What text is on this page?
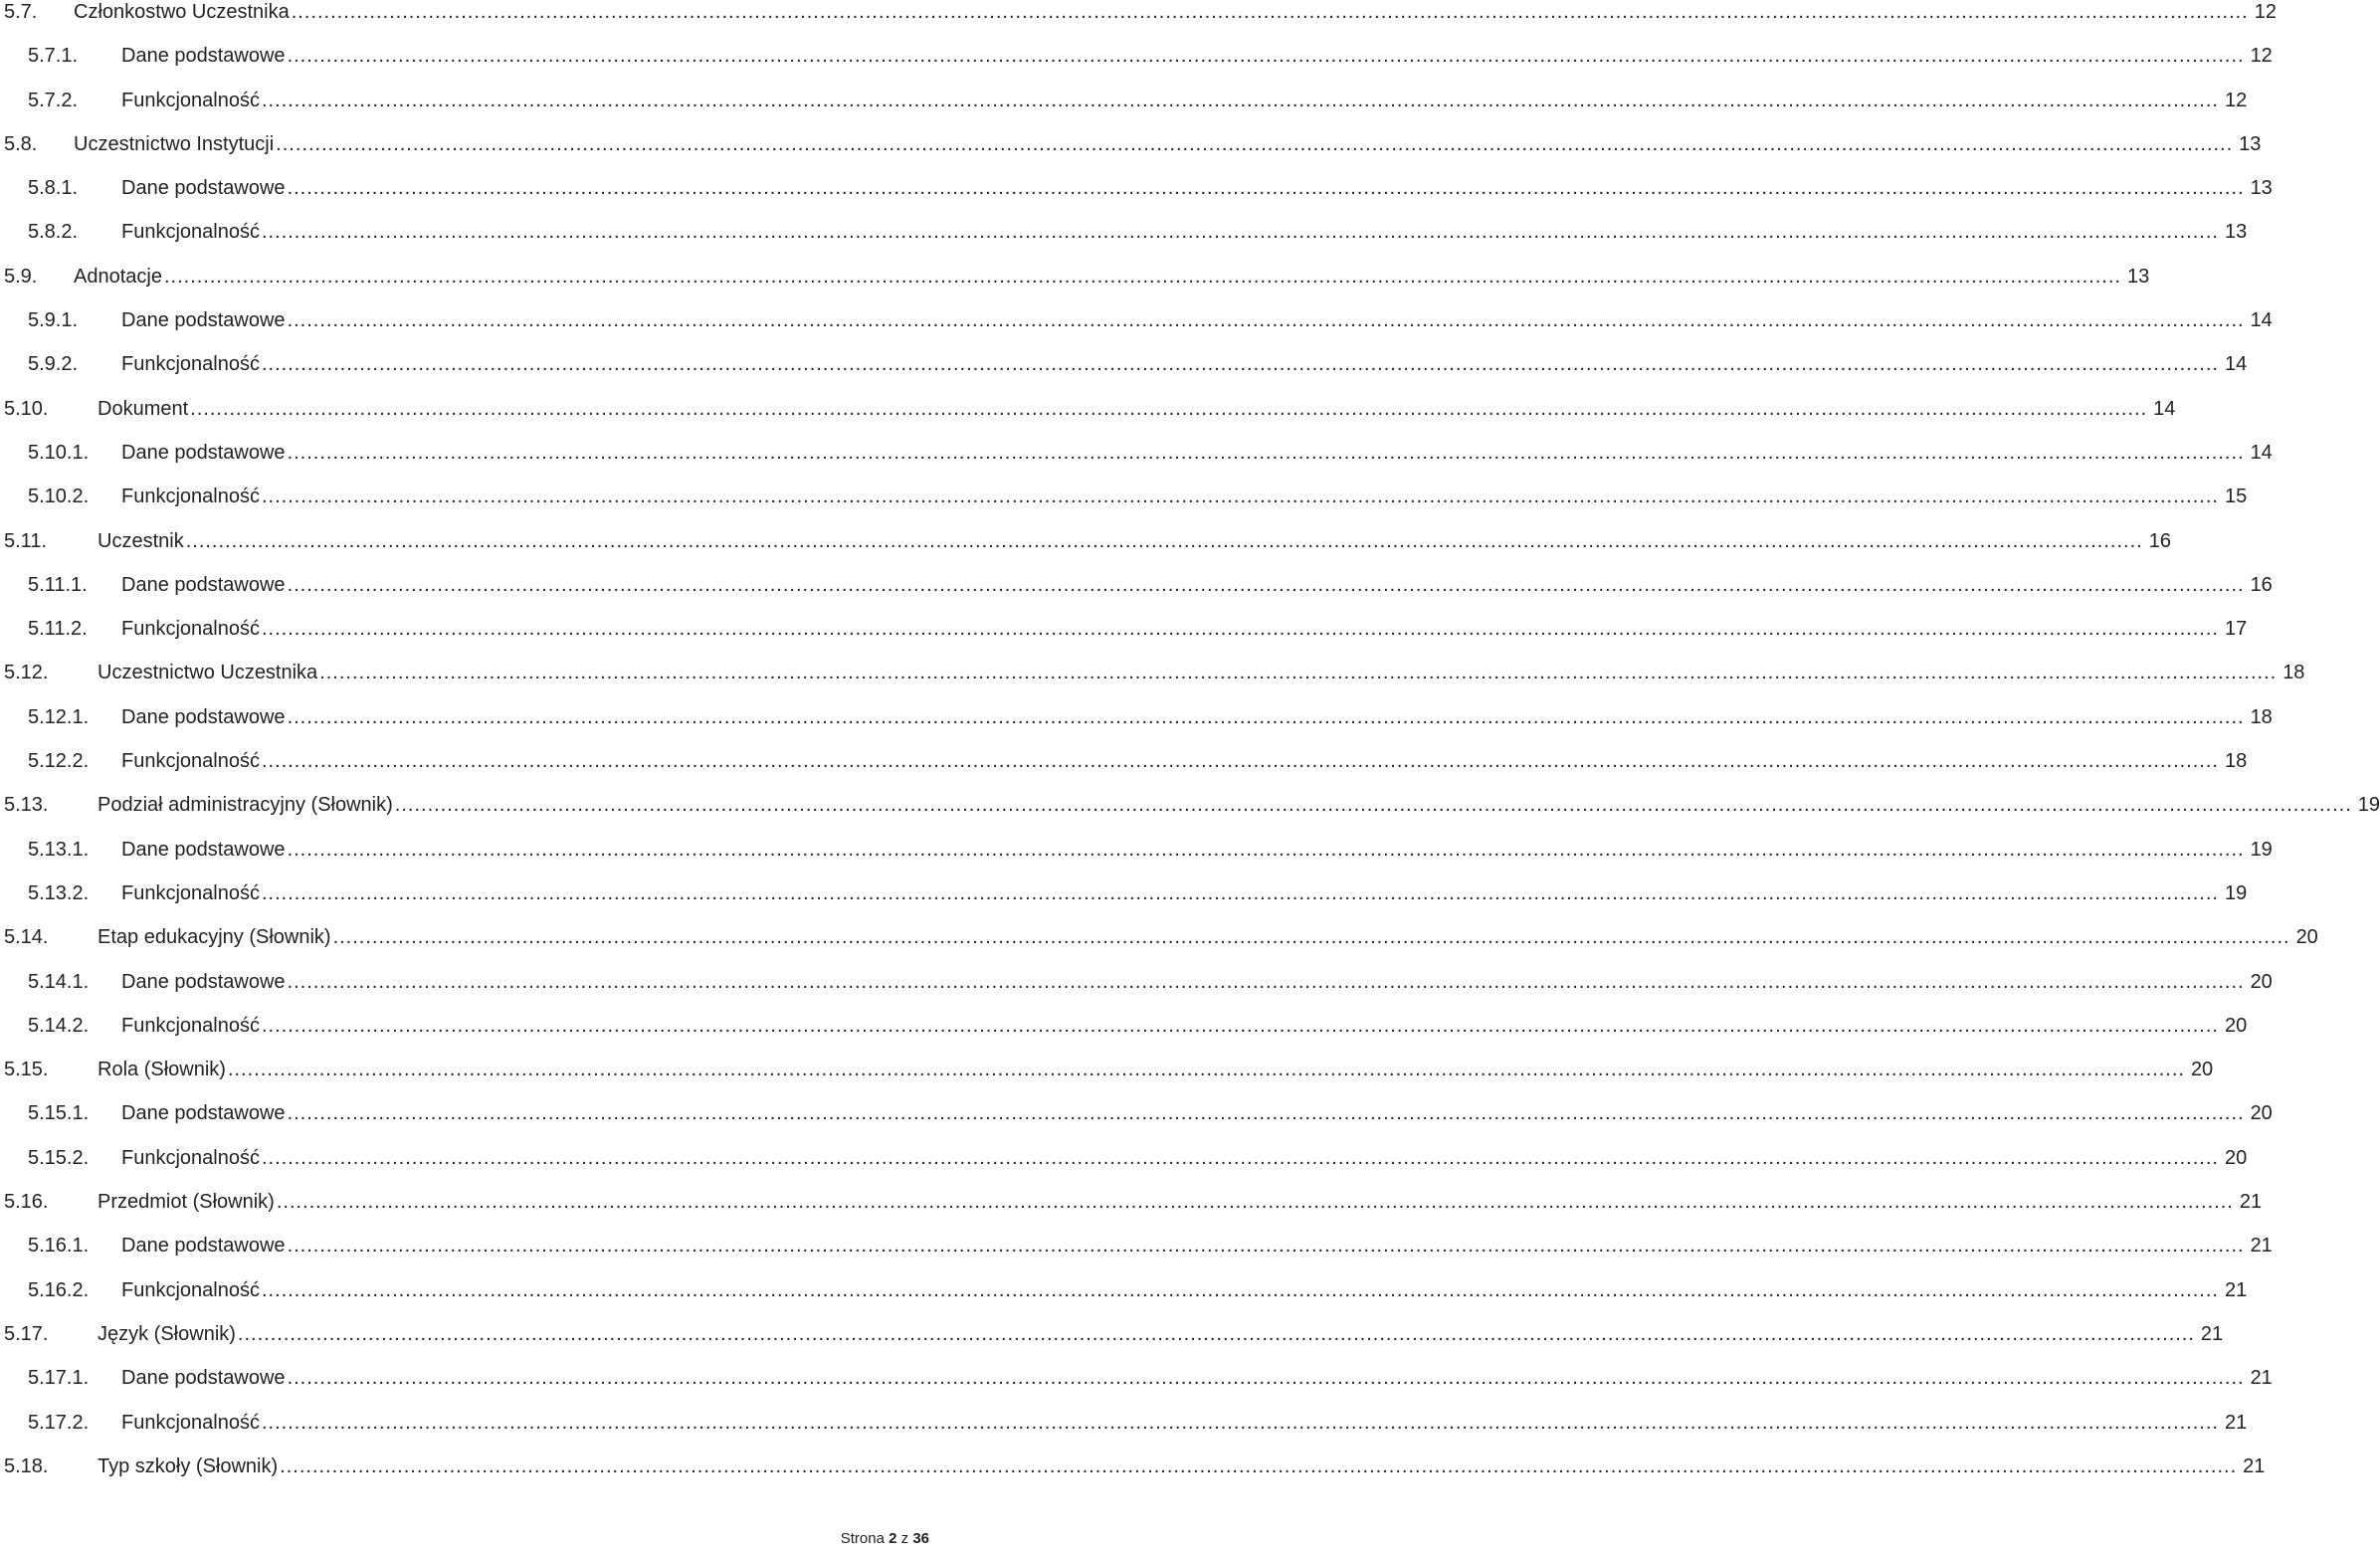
5.7. Członkostwo Uczestnika ............................................................................................................................................................................................................................................................................................................ 12
5.7.1. Dane podstawowe ............................................................................................................................................................................................................................................................................................................ 12
5.7.2. Funkcjonalność ............................................................................................................................................................................................................................................................................................................ 12
5.8. Uczestnictwo Instytucji ............................................................................................................................................................................................................................................................................................................ 13
5.8.1. Dane podstawowe ............................................................................................................................................................................................................................................................................................................ 13
5.8.2. Funkcjonalność ............................................................................................................................................................................................................................................................................................................ 13
5.9. Adnotacje ............................................................................................................................................................................................................................................................................................................ 13
5.9.1. Dane podstawowe ............................................................................................................................................................................................................................................................................................................ 14
5.9.2. Funkcjonalność ............................................................................................................................................................................................................................................................................................................ 14
5.10. Dokument ............................................................................................................................................................................................................................................................................................................ 14
5.10.1. Dane podstawowe ............................................................................................................................................................................................................................................................................................................ 14
5.10.2. Funkcjonalność ............................................................................................................................................................................................................................................................................................................ 15
5.11.	Uczestnik ............................................................................................................................................................................................................................................................................................................ 16
5.11.1. Dane podstawowe ............................................................................................................................................................................................................................................................................................................ 16
5.11.2. Funkcjonalność ............................................................................................................................................................................................................................................................................................................ 17
5.12. Uczestnictwo Uczestnika ............................................................................................................................................................................................................................................................................................................ 18
5.12.1. Dane podstawowe ............................................................................................................................................................................................................................................................................................................ 18
5.12.2. Funkcjonalność ............................................................................................................................................................................................................................................................................................................ 18
5.13. Podział administracyjny (Słownik) ............................................................................................................................................................................................................................................................................................................ 19
5.13.1. Dane podstawowe ............................................................................................................................................................................................................................................................................................................ 19
5.13.2. Funkcjonalność ............................................................................................................................................................................................................................................................................................................ 19
5.14. Etap edukacyjny (Słownik) ............................................................................................................................................................................................................................................................................................................ 20
5.14.1. Dane podstawowe ............................................................................................................................................................................................................................................................................................................ 20
5.14.2. Funkcjonalność ............................................................................................................................................................................................................................................................................................................ 20
5.15. Rola (Słownik) ............................................................................................................................................................................................................................................................................................................ 20
5.15.1. Dane podstawowe ............................................................................................................................................................................................................................................................................................................ 20
5.15.2. Funkcjonalność ............................................................................................................................................................................................................................................................................................................ 20
5.16. Przedmiot (Słownik) ............................................................................................................................................................................................................................................................................................................ 21
5.16.1. Dane podstawowe ............................................................................................................................................................................................................................................................................................................ 21
5.16.2. Funkcjonalność ............................................................................................................................................................................................................................................................................................................ 21
5.17. Język (Słownik) ............................................................................................................................................................................................................................................................................................................ 21
5.17.1. Dane podstawowe ............................................................................................................................................................................................................................................................................................................ 21
5.17.2. Funkcjonalność ............................................................................................................................................................................................................................................................................................................ 21
5.18. Typ szkoły (Słownik) ............................................................................................................................................................................................................................................................................................................ 21
Strona 2 z 36
